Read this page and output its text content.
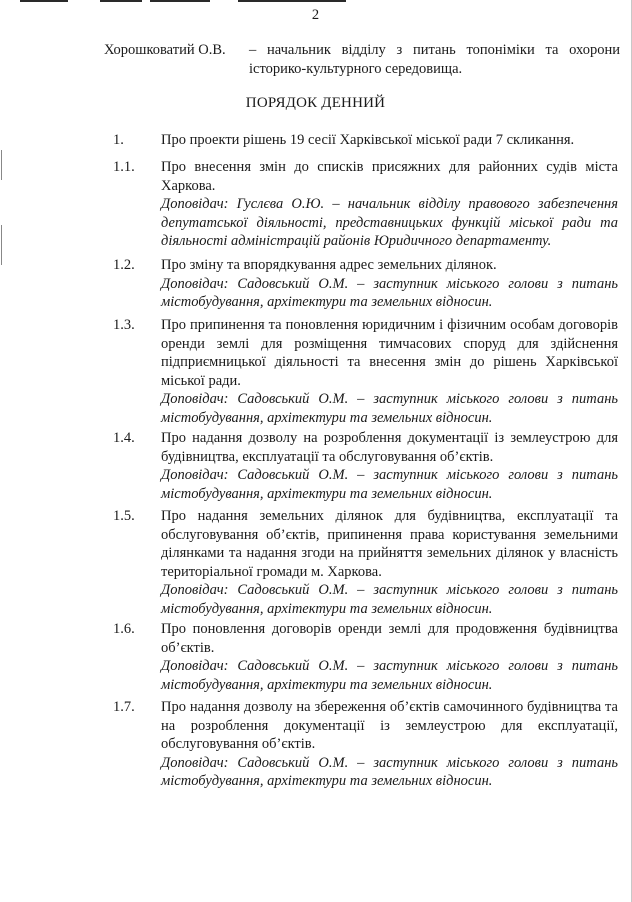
2
Хорошковатий О.В. – начальник відділу з питань топоніміки та охорони історико-культурного середовища.
ПОРЯДОК ДЕННИЙ
1.	Про проекти рішень 19 сесії Харківської міської ради 7 скликання.
1.1. Про внесення змін до списків присяжних для районних судів міста Харкова.
Доповідач: Гуслєва О.Ю. – начальник відділу правового забезпечення депутатської діяльності, представницьких функцій міської ради та діяльності адміністрацій районів Юридичного департаменту.
1.2. Про зміну та впорядкування адрес земельних ділянок.
Доповідач: Садовський О.М. – заступник міського голови з питань містобудування, архітектури та земельних відносин.
1.3. Про припинення та поновлення юридичним і фізичним особам договорів оренди землі для розміщення тимчасових споруд для здійснення підприємницької діяльності та внесення змін до рішень Харківської міської ради.
Доповідач: Садовський О.М. – заступник міського голови з питань містобудування, архітектури та земельних відносин.
1.4. Про надання дозволу на розроблення документації із землеустрою для будівництва, експлуатації та обслуговування об’єктів.
Доповідач: Садовський О.М. – заступник міського голови з питань містобудування, архітектури та земельних відносин.
1.5. Про надання земельних ділянок для будівництва, експлуатації та обслуговування об’єктів, припинення права користування земельними ділянками та надання згоди на прийняття земельних ділянок у власність територіальної громади м. Харкова.
Доповідач: Садовський О.М. – заступник міського голови з питань містобудування, архітектури та земельних відносин.
1.6. Про поновлення договорів оренди землі для продовження будівництва об’єктів.
Доповідач: Садовський О.М. – заступник міського голови з питань містобудування, архітектури та земельних відносин.
1.7. Про надання дозволу на збереження об’єктів самочинного будівництва та на розроблення документації із землеустрою для експлуатації, обслуговування об’єктів.
Доповідач: Садовський О.М. – заступник міського голови з питань містобудування, архітектури та земельних відносин.
